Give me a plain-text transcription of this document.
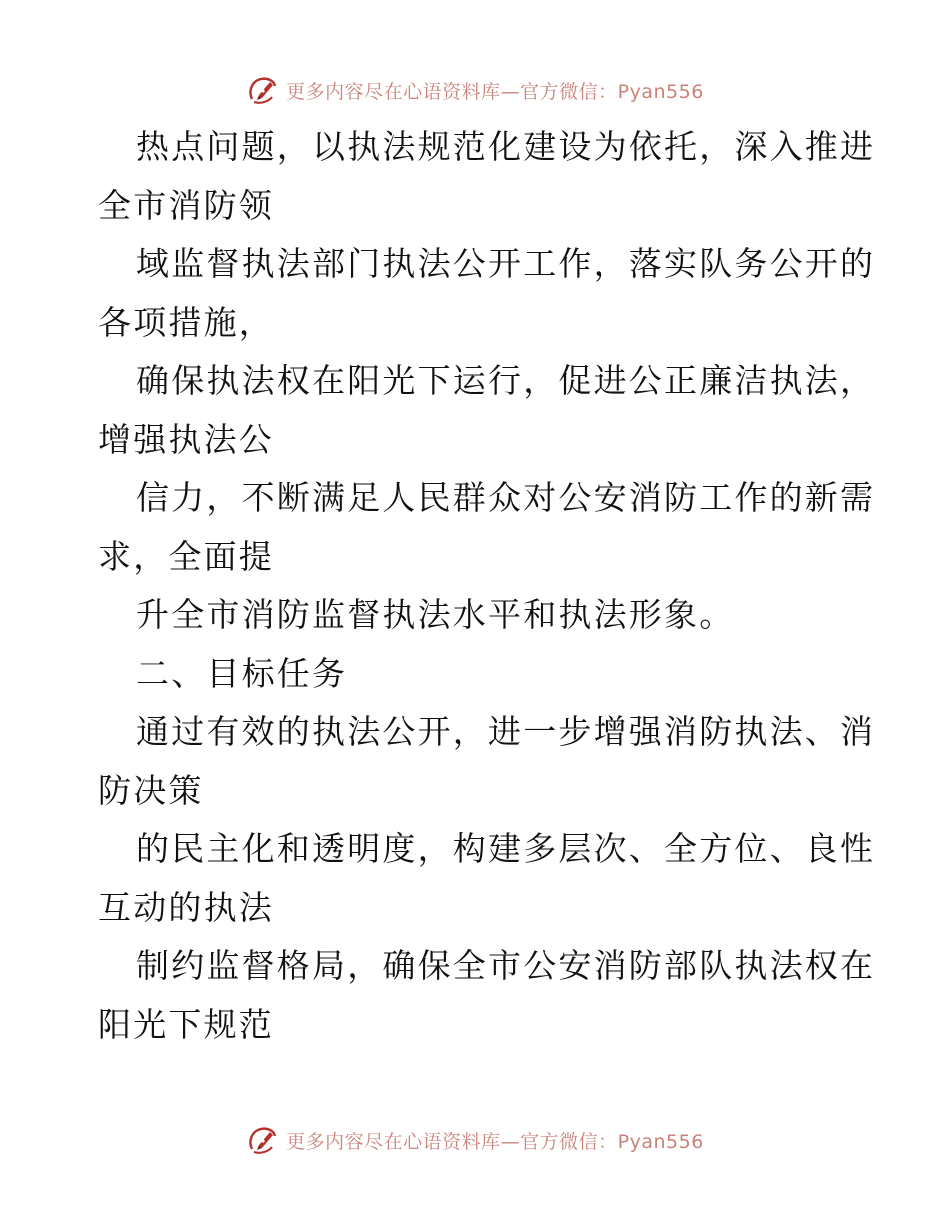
更多内容尽在心语资料库—官方微信：Pyan556

热点问题，以执法规范化建设为依托，深入推进

全市消防领

域监督执法部门执法公开工作，落实队务公开的

各项措施，

确保执法权在阳光下运行，促进公正廉洁执法，

增强执法公

信力，不断满足人民群众对公安消防工作的新需

求，全面提

升全市消防监督执法水平和执法形象。

二、目标任务

通过有效的执法公开，进一步增强消防执法、消

防决策

的民主化和透明度，构建多层次、全方位、良性

互动的执法

制约监督格局，确保全市公安消防部队执法权在

阳光下规范

更多内容尽在心语资料库—官方微信：Pyan556
